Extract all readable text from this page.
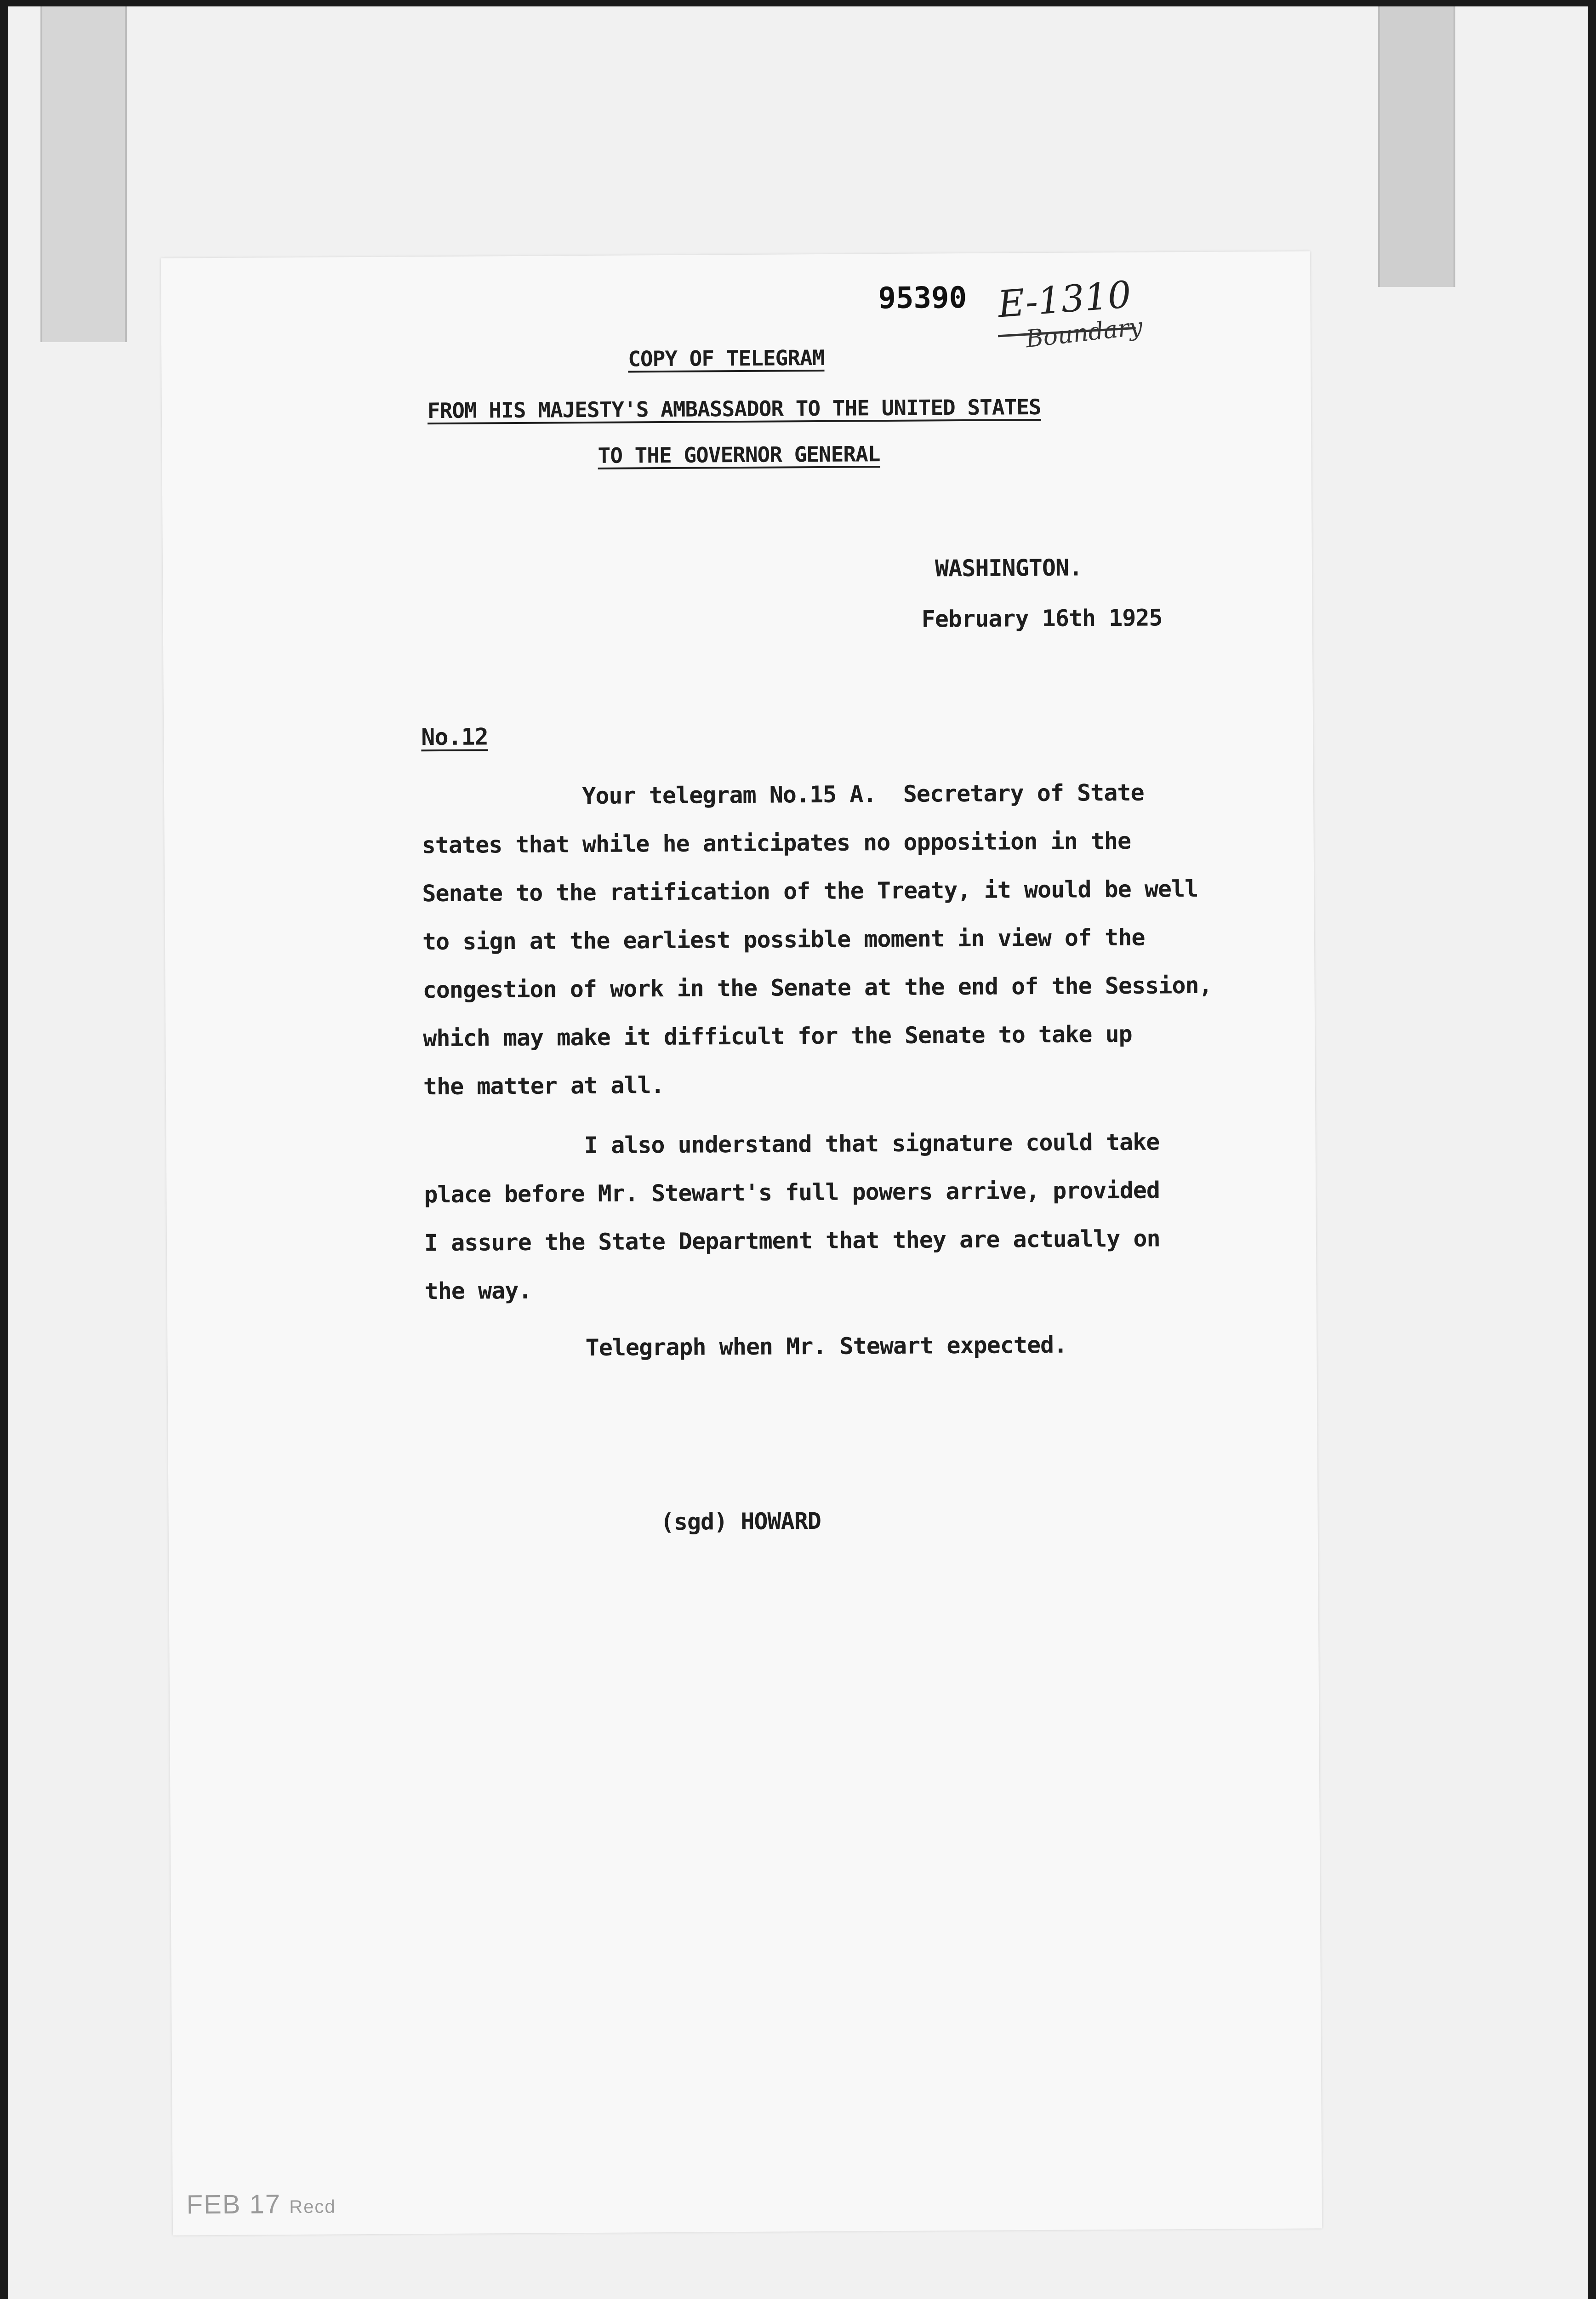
95390 E-1310
Boundary
COPY OF TELEGRAM
FROM HIS MAJESTY'S AMBASSADOR TO THE UNITED STATES
TO THE GOVERNOR GENERAL
WASHINGTON.
February 16th 1925
No.12
Your telegram No.15 A.  Secretary of State
states that while he anticipates no opposition in the
Senate to the ratification of the Treaty, it would be well
to sign at the earliest possible moment in view of the
congestion of work in the Senate at the end of the Session,
which may make it difficult for the Senate to take up
the matter at all.
I also understand that signature could take
place before Mr. Stewart's full powers arrive, provided
I assure the State Department that they are actually on
the way.
Telegraph when Mr. Stewart expected.
(sgd) HOWARD
FEB 17 Recd
